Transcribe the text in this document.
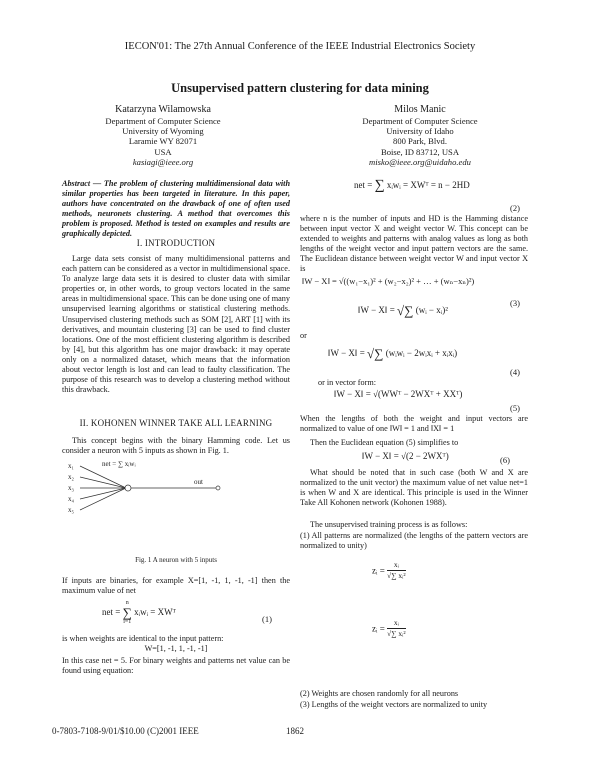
IECON'01: The 27th Annual Conference of the IEEE Industrial Electronics Society
Unsupervised pattern clustering for data mining
Katarzyna Wilamowska
Department of Computer Science
University of Wyoming
Laramie WY 82071
USA
kasiagi@ieee.org
Milos Manic
Department of Computer Science
University of Idaho
800 Park, Blvd.
Boise, ID 83712, USA
misko@ieee.org@uidaho.edu
Abstract — The problem of clustering multidimensional data with similar properties has been targeted in literature. In this paper, authors have concentrated on the drawback of one of often used methods, neuronets clustering. A method that overcomes this problem is proposed. Method is tested on examples and results are graphically depicted.
I. INTRODUCTION
Large data sets consist of many multidimensional patterns and each pattern can be considered as a vector in multidimensional space. To analyze large data sets it is desired to cluster data with similar properties or, in other words, to group vectors located in the same areas in multidimensional space. This can be done using one of many unsupervised learning algorithms or statistical clustering methods. Unsupervised clustering methods such as SOM [2], ART [1] with its derivatives, and mountain clustering [3] can be used to find cluster locations. One of the most efficient clustering algorithm is described by [4], but this algorithm has one major drawback: it may operate only on a normalized dataset, which means that the information about vector length is lost and can lead to faulty classification. The purpose of this research was to develop a clustering method without this drawback.
II. KOHONEN WINNER TAKE ALL LEARNING
This concept begins with the binary Hamming code. Let us consider a neuron with 5 inputs as shown in Fig. 1.
x₁
x₂
x₃
x₄
x₅
net = ∑ xᵢwᵢ
out
Fig. 1 A neuron with 5 inputs
If inputs are binaries, for example X=[1, -1, 1, -1, -1] then the maximum value of net
net =
n
∑
i=1
xᵢwᵢ = XWᵀ
(1)
is when weights are identical to the input pattern:
W=[1, -1, 1, -1, -1]
In this case net = 5. For binary weights and patterns net value can be found using equation:
net = ∑ xᵢwᵢ = XWᵀ = n − 2HD
(2)
where n is the number of inputs and HD is the Hamming distance between input vector X and weight vector W. This concept can be extended to weights and patterns with analog values as long as both lengths of the weight vector and input pattern vectors are the same. The Euclidean distance between weight vector W and input vector X is
‖W − X‖ = √((w₁−x₁)² + (w₂−x₂)² + … + (wₙ−xₙ)²)
‖W − X‖ = √∑ (wᵢ − xᵢ)²
(3)
or
‖W − X‖ = √∑ (wᵢwᵢ − 2wᵢxᵢ + xᵢxᵢ)
(4)
or in vector form:
‖W − X‖ = √(WWᵀ − 2WXᵀ + XXᵀ)
(5)
When the lengths of both the weight and input vectors are normalized to value of one ‖W‖ = 1 and ‖X‖ = 1
Then the Euclidean equation (5) simplifies to
‖W − X‖ = √(2 − 2WXᵀ)	(6)
What should be noted that in such case (both W and X are normalized to the unit vector) the maximum value of net value net=1 is when W and X are identical. This principle is used in the Winner Take All Kohonen network (Kohonen 1988).
The unsupervised training process is as follows:
(1) All patterns are normalized (the lengths of the pattern vectors are normalized to unity)
zᵢ = $\frac{\text{xᵢ}}{\text{√∑ xᵢ²}}$
zᵢ = $\frac{\text{xᵢ}}{\text{√∑ xᵢ²}}$
(2) Weights are chosen randomly for all neurons
(3) Lengths of the weight vectors are normalized to unity
0-7803-7108-9/01/$10.00 (C)2001 IEEE	1862
